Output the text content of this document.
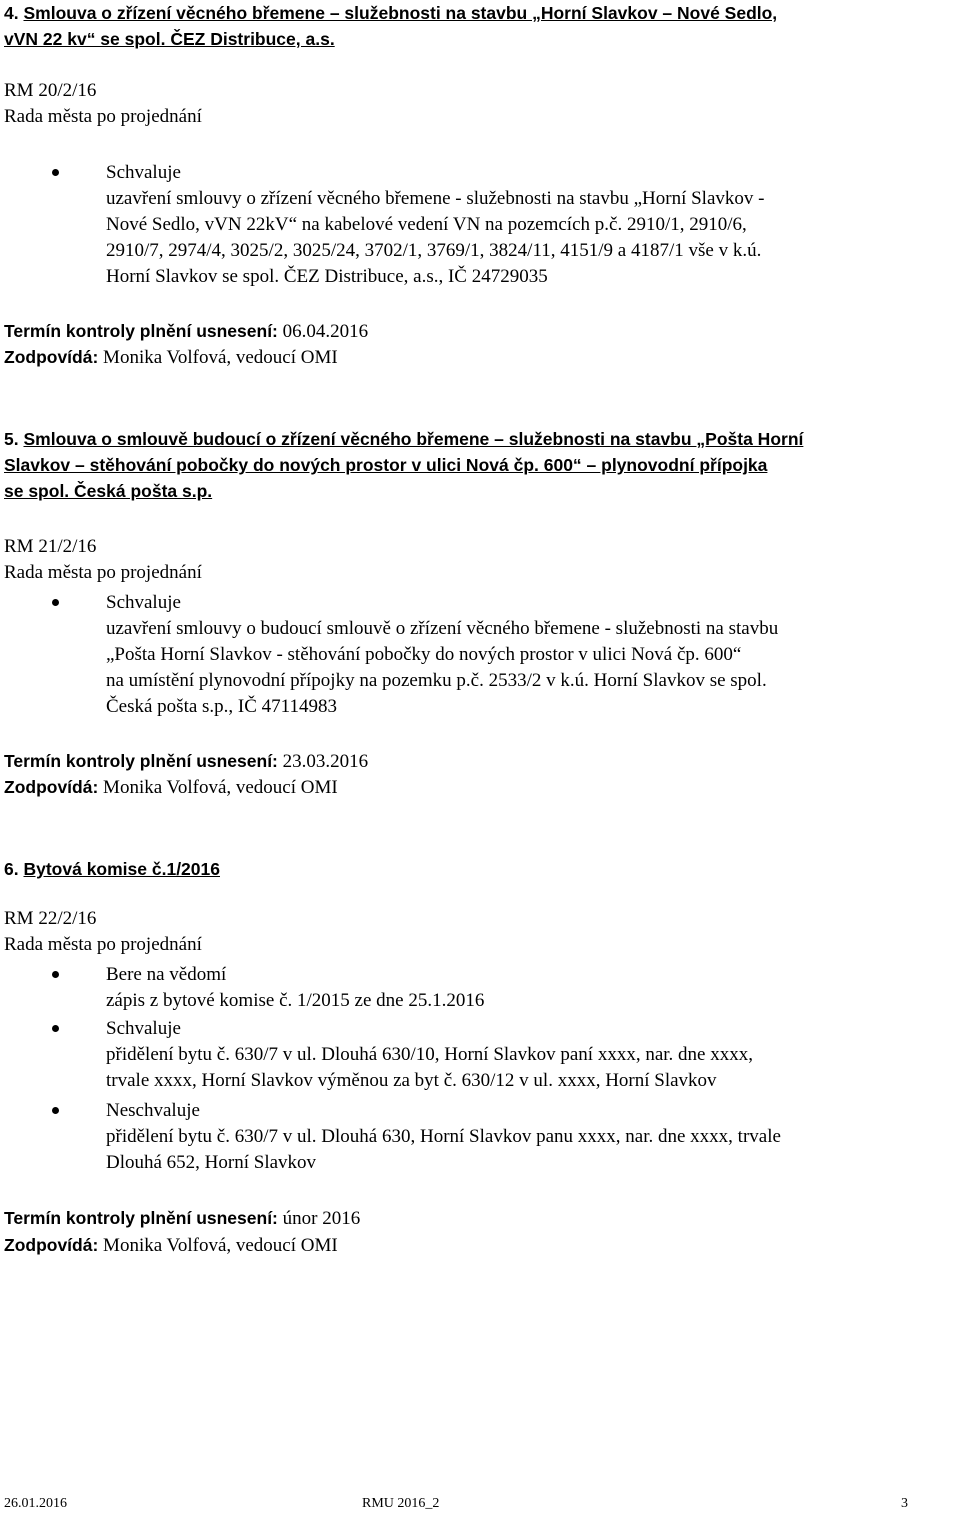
4. Smlouva o zřízení věcného břemene – služebnosti na stavbu „Horní Slavkov – Nové Sedlo,
vVN 22 kv“ se spol. ČEZ Distribuce, a.s.
RM 20/2/16
Rada města po projednání
Schvaluje
uzavření smlouvy o zřízení věcného břemene - služebnosti na stavbu „Horní Slavkov -
Nové Sedlo, vVN 22kV“ na kabelové vedení VN na pozemcích p.č. 2910/1, 2910/6,
2910/7, 2974/4, 3025/2, 3025/24, 3702/1, 3769/1, 3824/11, 4151/9 a 4187/1 vše v k.ú.
Horní Slavkov se spol. ČEZ Distribuce, a.s., IČ 24729035
Termín kontroly plnění usnesení: 06.04.2016
Zodpovídá: Monika Volfová, vedoucí OMI
5. Smlouva o smlouvě budoucí o zřízení věcného břemene – služebnosti na stavbu „Pošta Horní
Slavkov – stěhování pobočky do nových prostor v ulici Nová čp. 600“ – plynovodní přípojka
se spol. Česká pošta s.p.
RM 21/2/16
Rada města po projednání
Schvaluje
uzavření smlouvy o budoucí smlouvě o zřízení věcného břemene - služebnosti na stavbu
„Pošta Horní Slavkov - stěhování pobočky do nových prostor v ulici Nová čp. 600“
na umístění plynovodní přípojky na pozemku p.č. 2533/2 v k.ú. Horní Slavkov se spol.
Česká pošta s.p., IČ 47114983
Termín kontroly plnění usnesení: 23.03.2016
Zodpovídá: Monika Volfová, vedoucí OMI
6. Bytová komise č.1/2016
RM 22/2/16
Rada města po projednání
Bere na vědomí
zápis z bytové komise č. 1/2015 ze dne 25.1.2016
Schvaluje
přidělení bytu č. 630/7 v ul. Dlouhá 630/10, Horní Slavkov paní xxxx, nar. dne xxxx,
trvale xxxx, Horní Slavkov výměnou za byt č. 630/12 v ul. xxxx, Horní Slavkov
Neschvaluje
přidělení bytu č. 630/7 v ul. Dlouhá 630, Horní Slavkov panu xxxx, nar. dne xxxx, trvale
Dlouhá 652, Horní Slavkov
Termín kontroly plnění usnesení: únor 2016
Zodpovídá: Monika Volfová, vedoucí OMI
26.01.2016	RMU 2016_2	3
